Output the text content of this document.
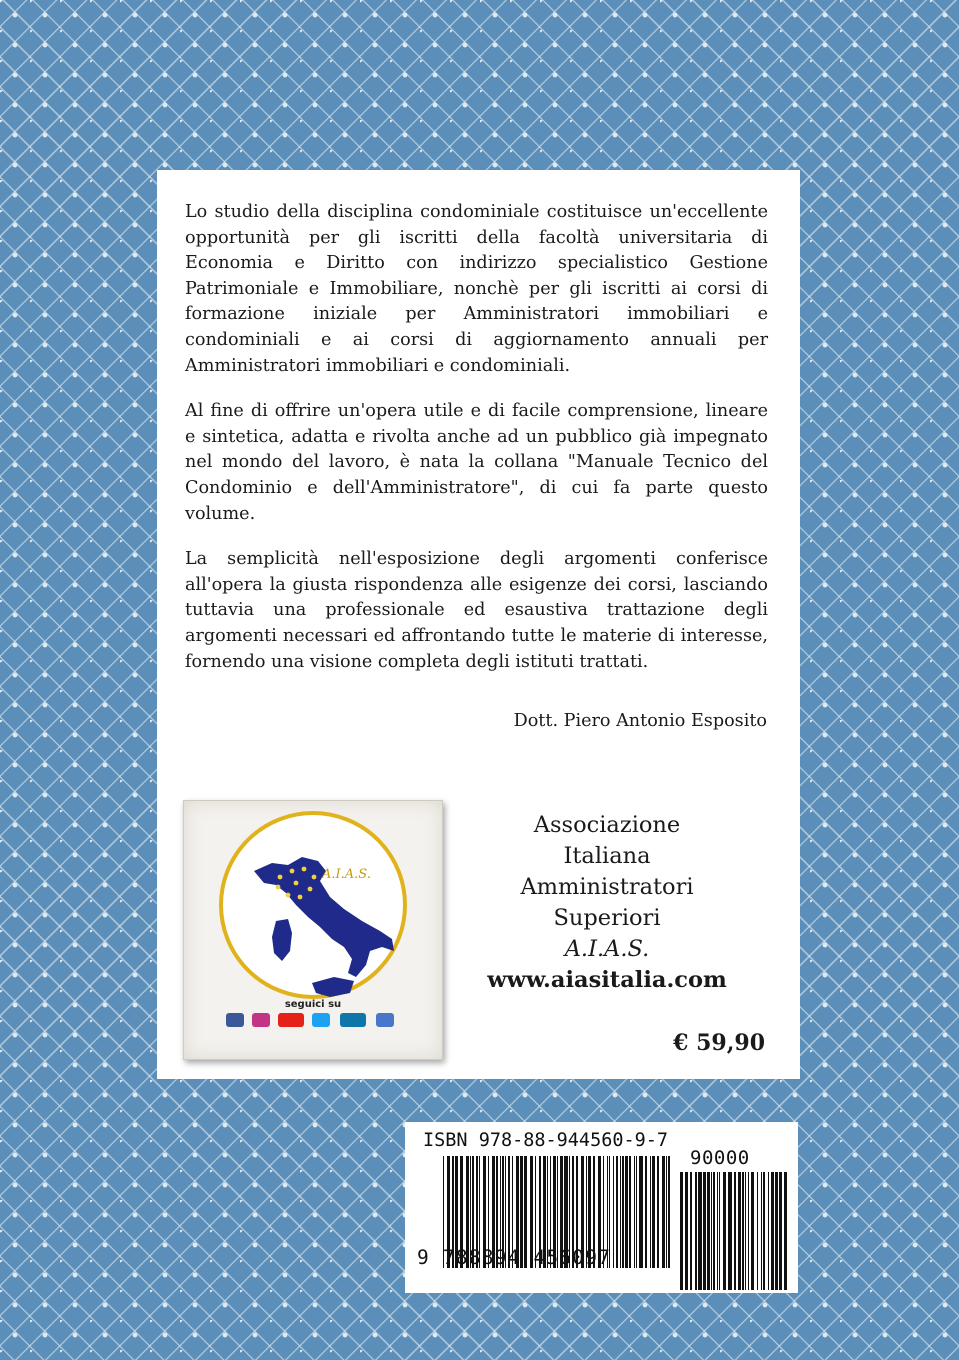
Lo studio della disciplina condominiale costituisce un'eccellente opportunità per gli iscritti della facoltà universitaria di Economia e Diritto con indirizzo specialistico Gestione Patrimoniale e Immobiliare, nonchè per gli iscritti ai corsi di formazione iniziale per Amministratori immobiliari e condominiali e ai corsi di aggiornamento annuali per Amministratori immobiliari e condominiali.

Al fine di offrire un'opera utile e di facile comprensione, lineare e sintetica, adatta e rivolta anche ad un pubblico già impegnato nel mondo del lavoro, è nata la collana "Manuale Tecnico del Condominio e dell'Amministratore", di cui fa parte questo volume.

La semplicità nell'esposizione degli argomenti conferisce all'opera la giusta rispondenza alle esigenze dei corsi, lasciando tuttavia una professionale ed esaustiva trattazione degli argomenti necessari ed affrontando tutte le materie di interesse, fornendo una visione completa degli istituti trattati.

Dott. Piero Antonio Esposito
A.I.A.S.
seguici su
Associazione
Italiana
Amministratori
Superiori
A.I.A.S.
www.aiasitalia.com
€ 59,90
ISBN 978-88-944560-9-7
90000
9 788894 456097
